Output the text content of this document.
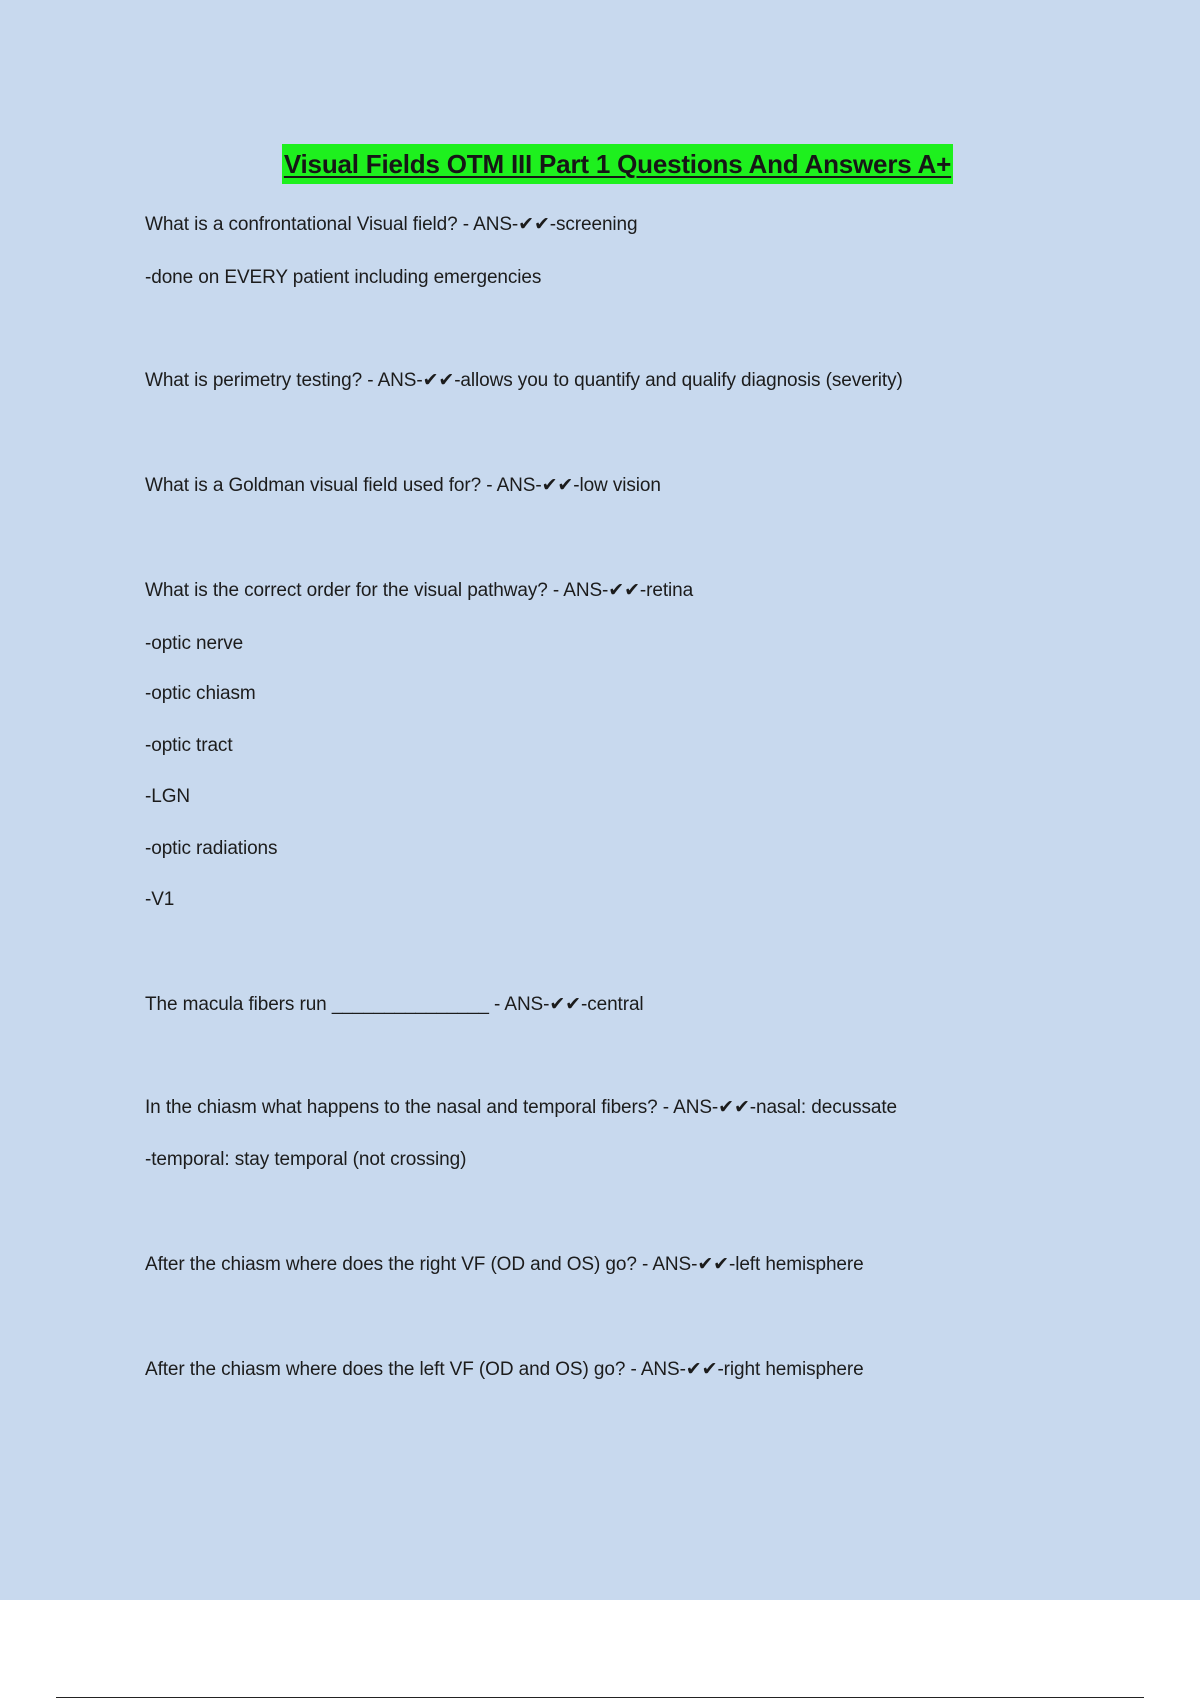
Visual Fields OTM III Part 1 Questions And Answers A+
What is a confrontational Visual field? - ANS-✔✔-screening
-done on EVERY patient including emergencies
What is perimetry testing? - ANS-✔✔-allows you to quantify and qualify diagnosis (severity)
What is a Goldman visual field used for? - ANS-✔✔-low vision
What is the correct order for the visual pathway? - ANS-✔✔-retina
-optic nerve
-optic chiasm
-optic tract
-LGN
-optic radiations
-V1
The macula fibers run _______________ - ANS-✔✔-central
In the chiasm what happens to the nasal and temporal fibers? - ANS-✔✔-nasal: decussate
-temporal: stay temporal (not crossing)
After the chiasm where does the right VF (OD and OS) go? - ANS-✔✔-left hemisphere
After the chiasm where does the left VF (OD and OS) go? - ANS-✔✔-right hemisphere
